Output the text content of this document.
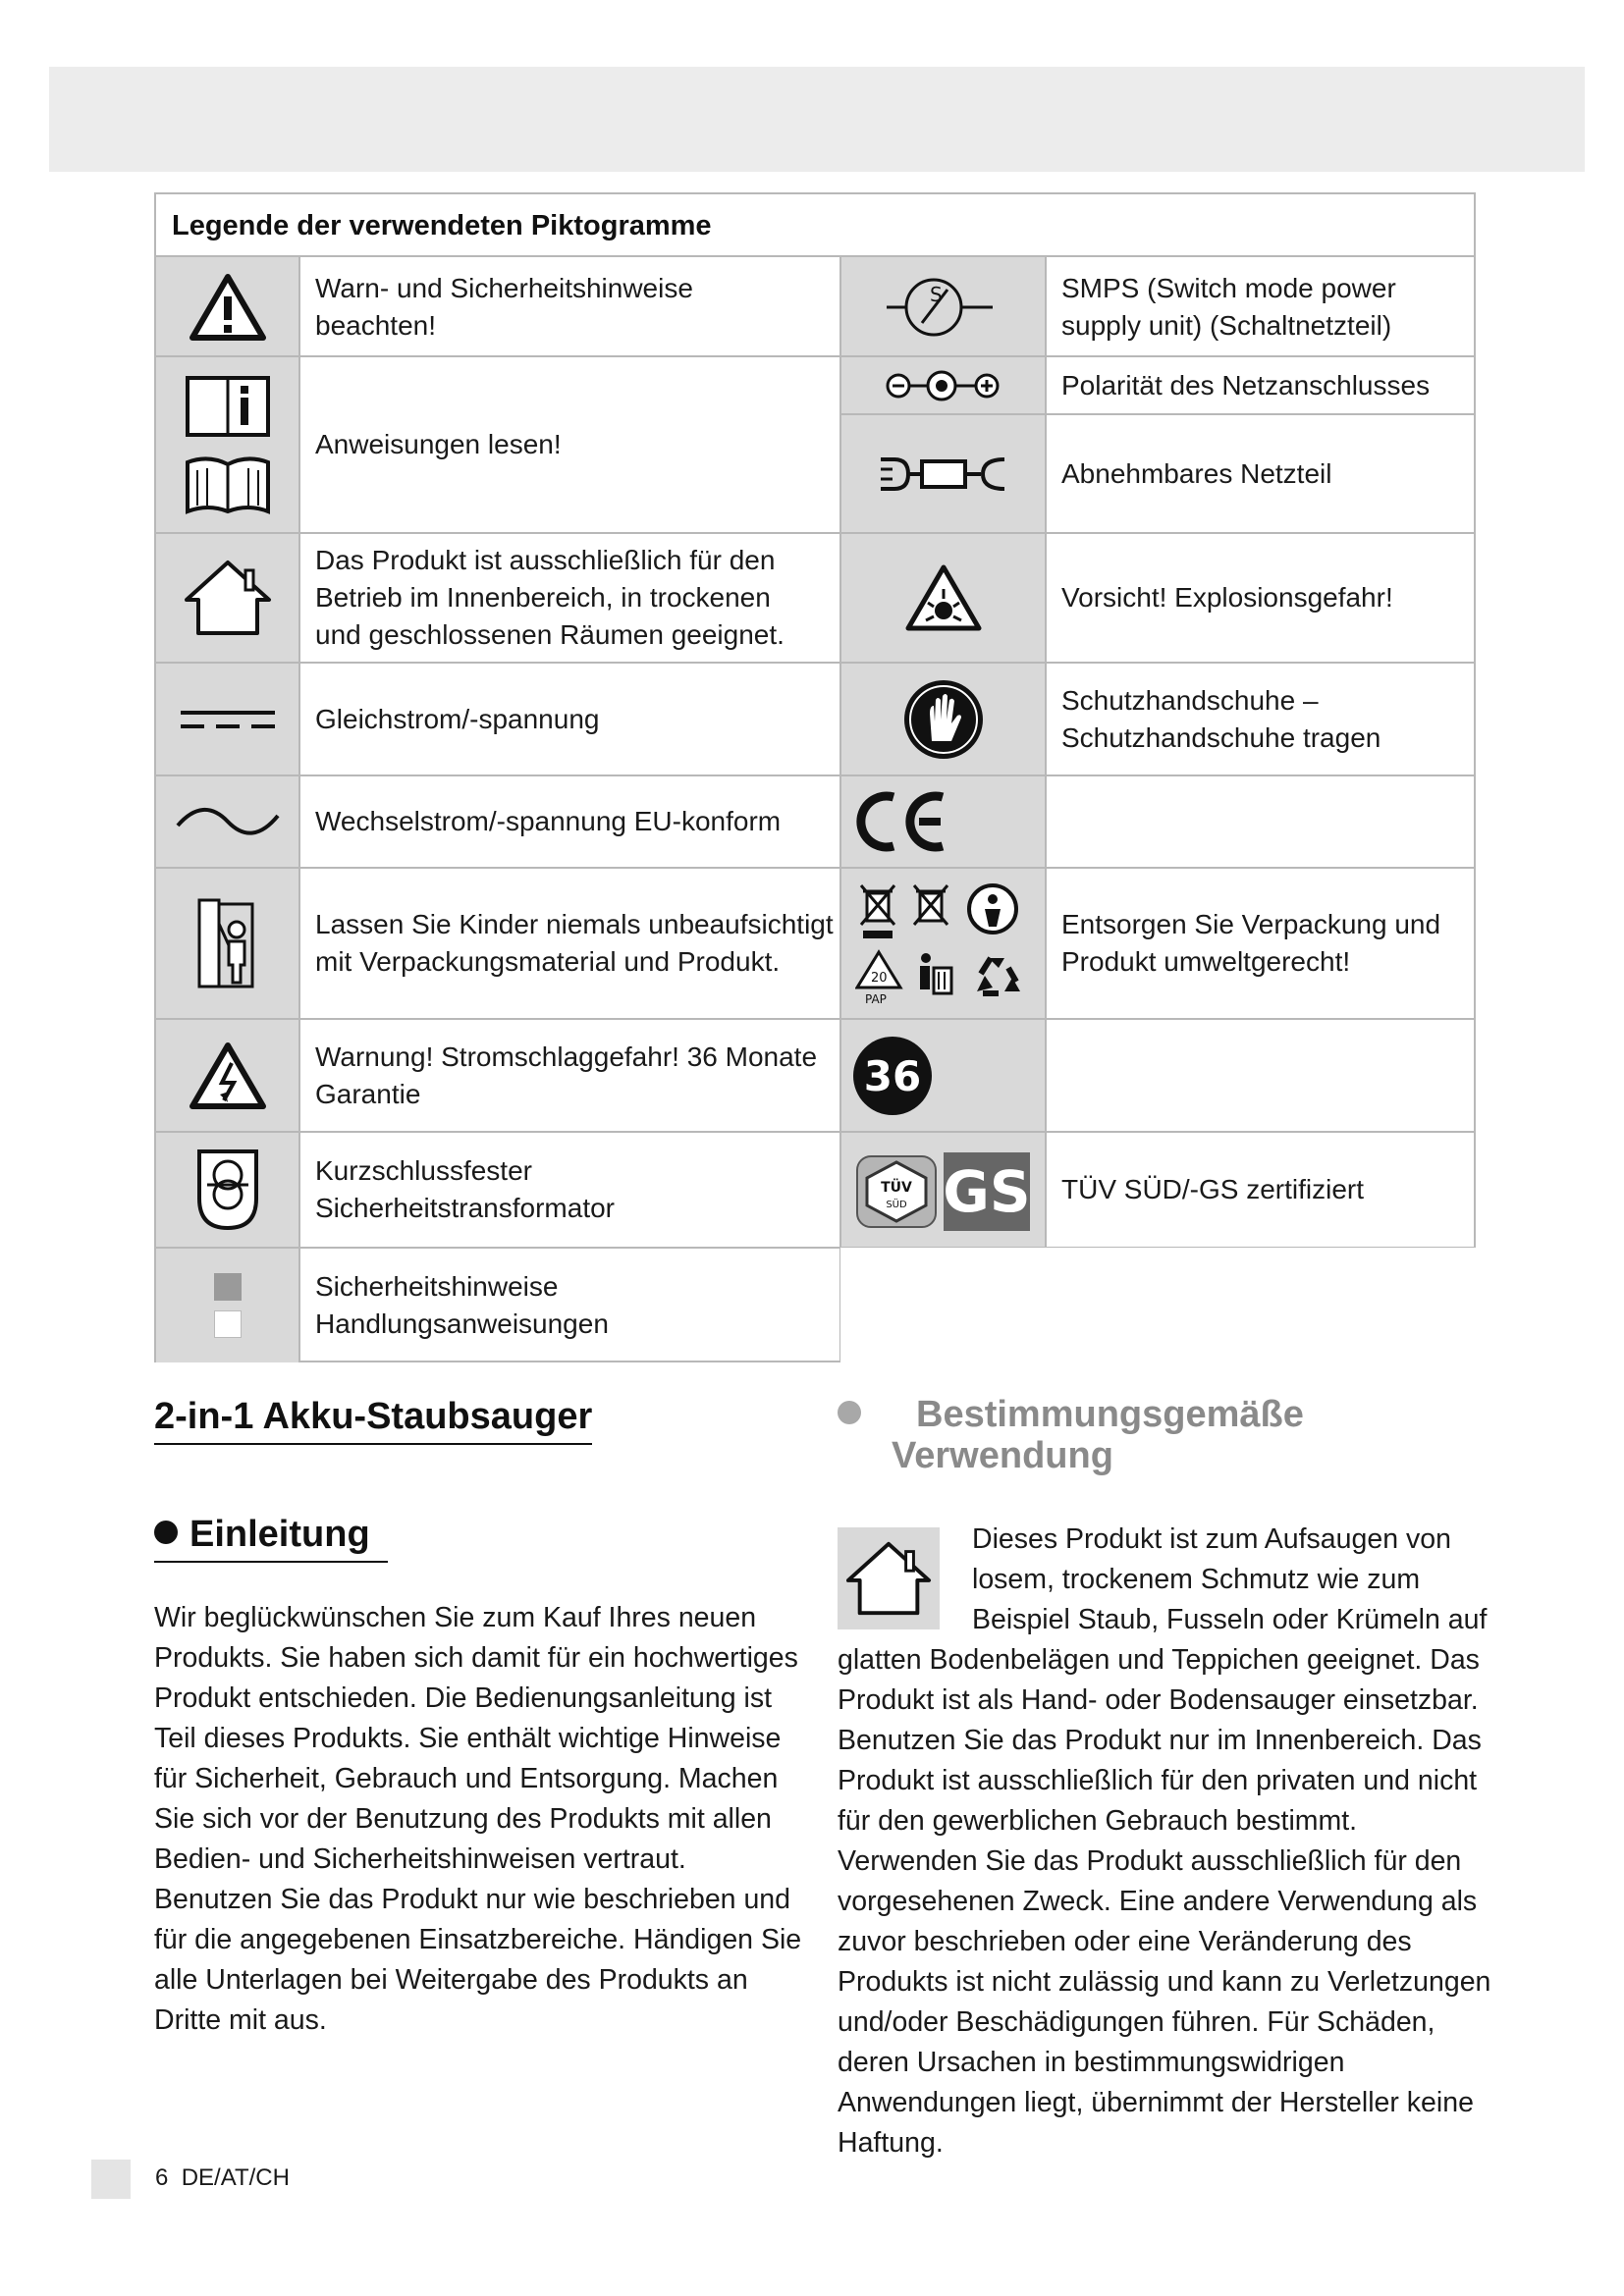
Legende der verwendeten Piktogramme
Warn- und Sicherheitshinweise
beachten!
S	SMPS (Switch mode power
supply unit) (Schaltnetzteil)
Anweisungen lesen!
Polarität des Netzanschlusses
Abnehmbares Netzteil
Das Produkt ist ausschließlich für den
Betrieb im Innenbereich, in trockenen
und geschlossenen Räumen geeignet.
Vorsicht! Explosionsgefahr!
Gleichstrom/-spannung
Schutzhandschuhe –
Schutzhandschuhe tragen
Wechselstrom/-spannung EU-konform
Lassen Sie Kinder niemals unbeaufsichtigt
mit Verpackungsmaterial und Produkt.
20
PAP
Entsorgen Sie Verpackung und
Produkt umweltgerecht!
Warnung! Stromschlaggefahr! 36 Monate Garantie	36
Kurzschlussfester
Sicherheitstransformator
TÜV
SÜD GS TÜV SÜD/-GS zertifiziert
Sicherheitshinweise
Handlungsanweisungen
2-in-1 Akku-Staubsauger
Einleitung
Bestimmungsgemäße
Verwendung
Wir beglückwünschen Sie zum Kauf Ihres neuen Produkts. Sie haben sich damit für ein hochwertiges Produkt entschieden. Die Bedienungsanleitung ist Teil dieses Produkts. Sie enthält wichtige Hinweise für Sicherheit, Gebrauch und Entsorgung. Machen Sie sich vor der Benutzung des Produkts mit allen Bedien- und Sicherheitshinweisen vertraut. Benutzen Sie das Produkt nur wie beschrieben und für die angegebenen Einsatzbereiche. Händigen Sie alle Unterlagen bei Weitergabe des Produkts an Dritte mit aus.
Dieses Produkt ist zum Aufsaugen von losem, trockenem Schmutz wie zum Beispiel Staub, Fusseln oder Krümeln auf
glatten Bodenbelägen und Teppichen geeignet. Das Produkt ist als Hand- oder Bodensauger einsetzbar. Benutzen Sie das Produkt nur im Innenbereich. Das Produkt ist ausschließlich für den privaten und nicht für den gewerblichen Gebrauch bestimmt. Verwenden Sie das Produkt ausschließlich für den vorgesehenen Zweck. Eine andere Verwendung als zuvor beschrieben oder eine Veränderung des Produkts ist nicht zulässig und kann zu Verletzungen und/oder Beschädigungen führen. Für Schäden, deren Ursachen in bestimmungswidrigen Anwendungen liegt, übernimmt der Hersteller keine Haftung.
6 DE/AT/CH
